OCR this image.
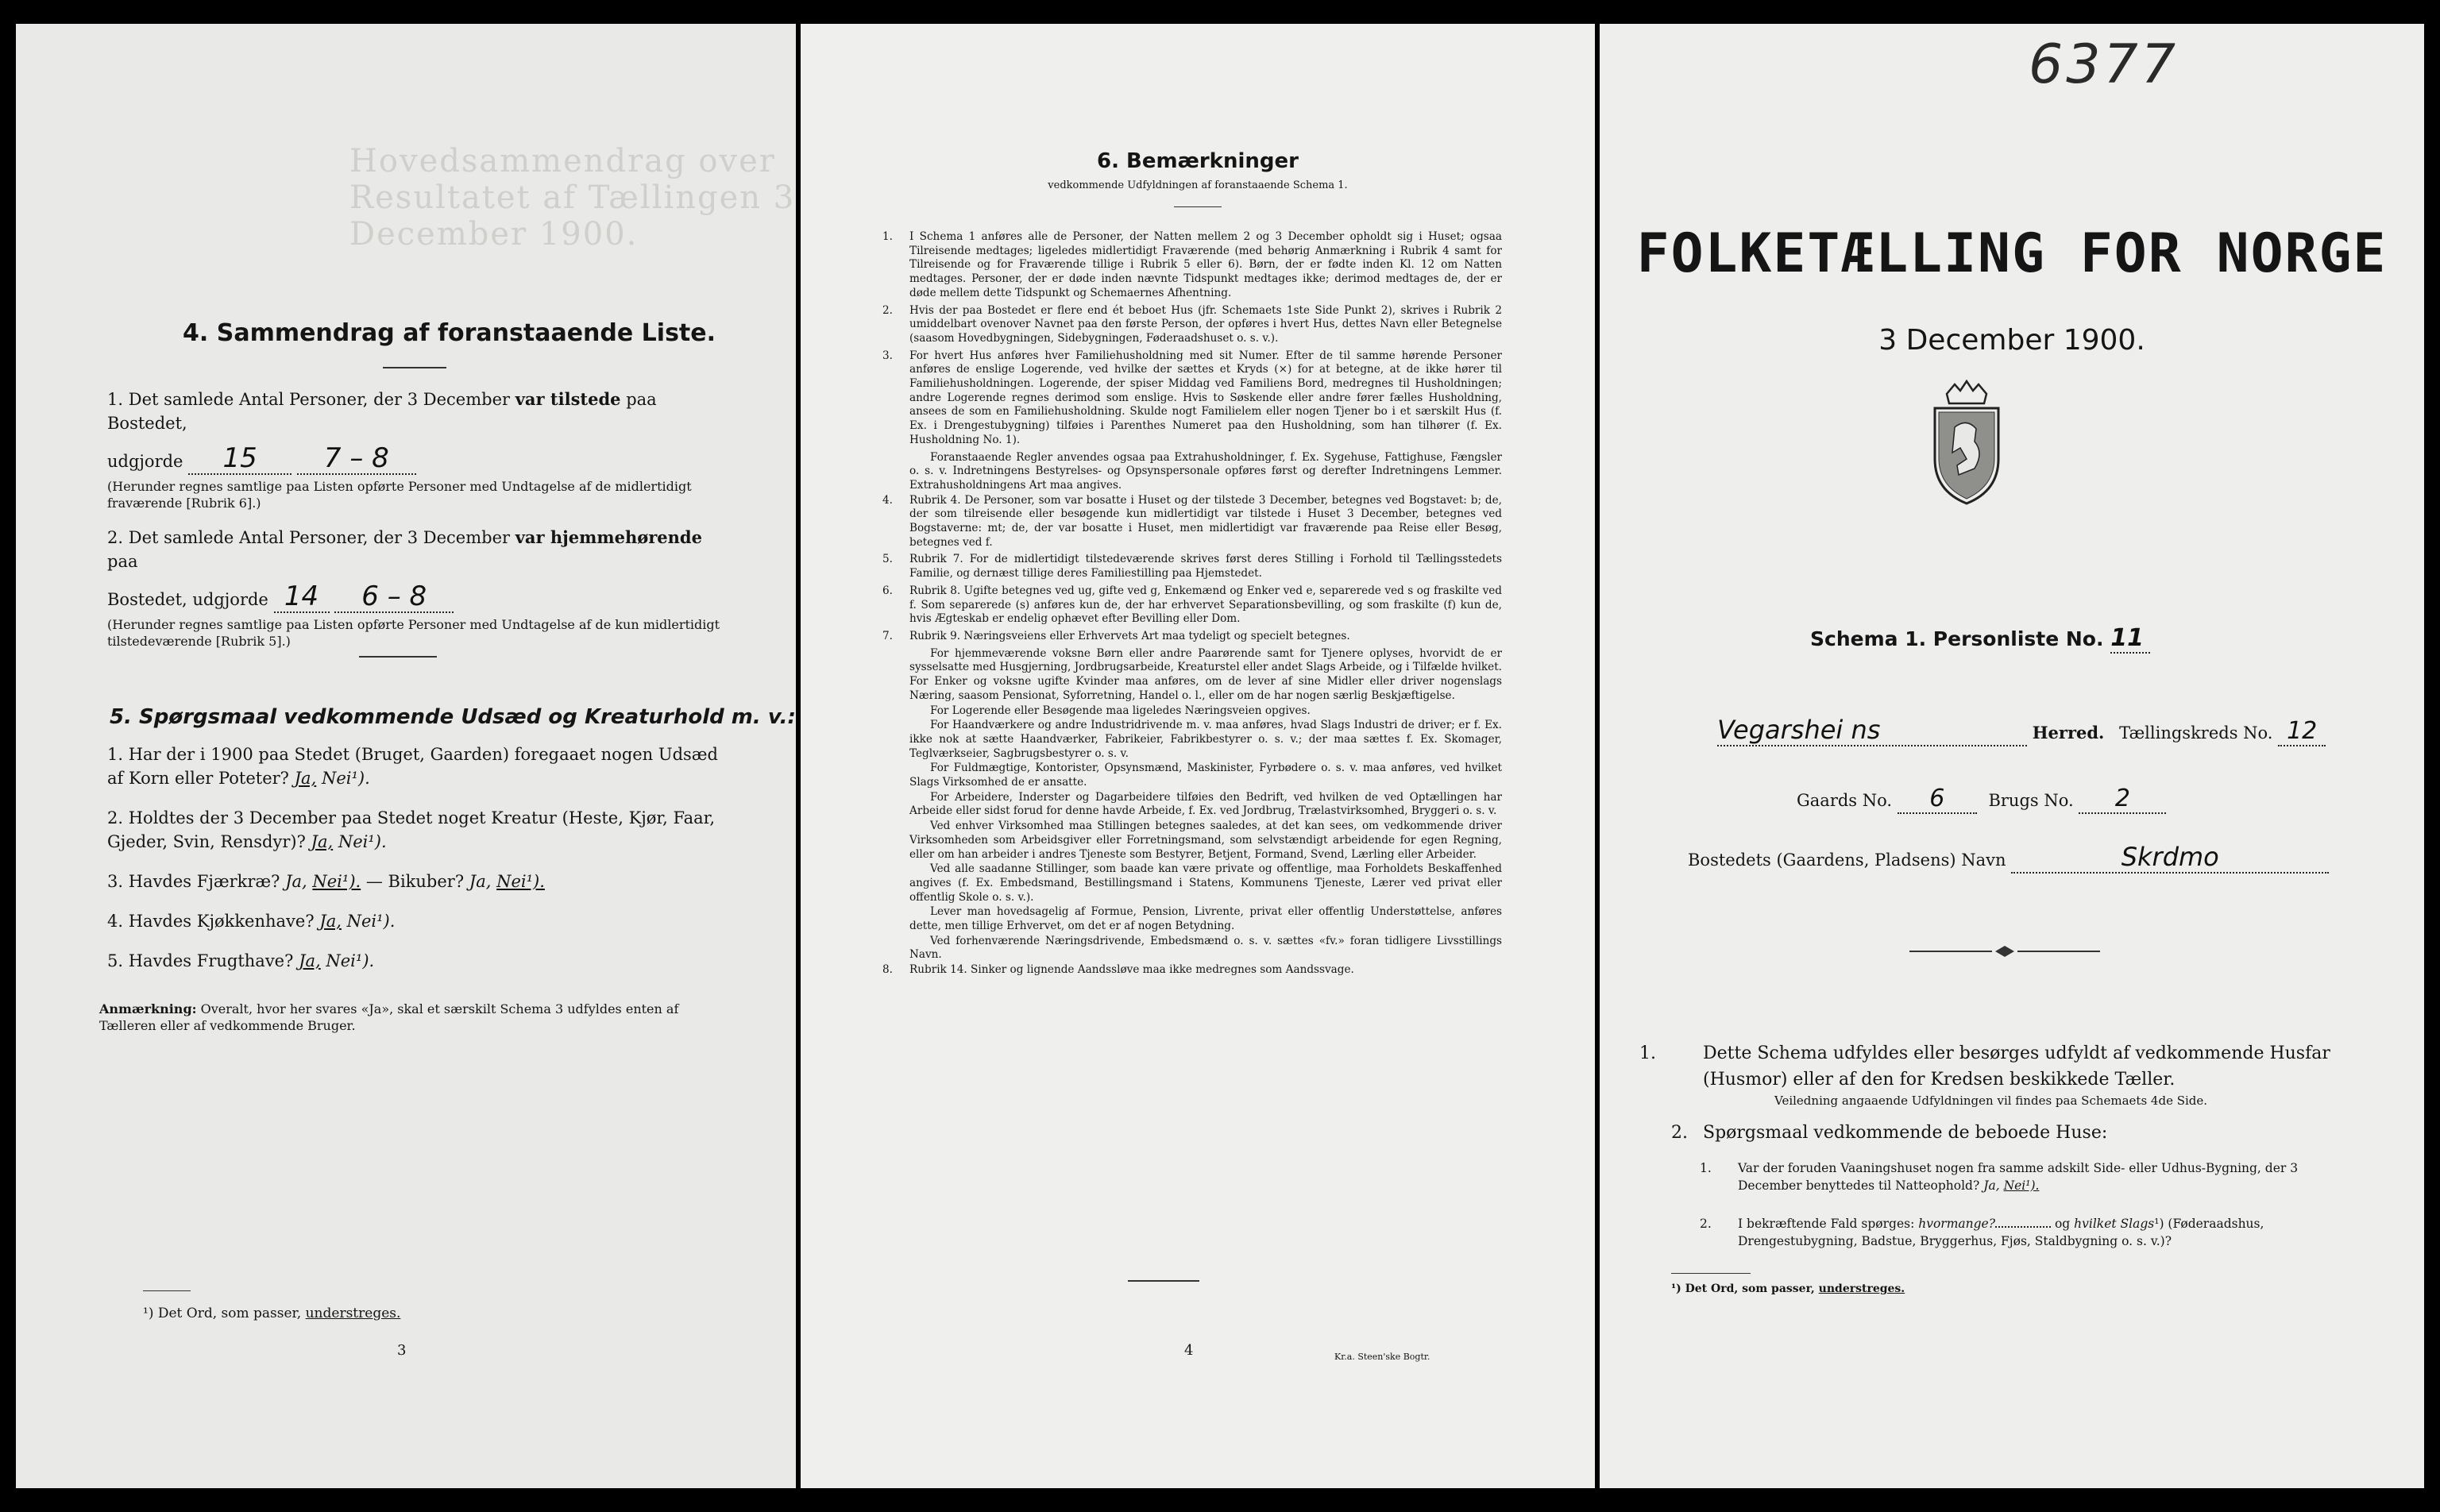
Hovedsammendrag over Resultatet af Tællingen 3 December 1900.
4. Sammendrag af foranstaaende Liste.

1. Det samlede Antal Personer, der 3 December var tilstede paa Bostedet,

udgjorde 15 7 – 8

(Herunder regnes samtlige paa Listen opførte Personer med Undtagelse af de midlertidigt fraværende [Rubrik 6].)

2. Det samlede Antal Personer, der 3 December var hjemmehørende paa

Bostedet, udgjorde 14 6 – 8

(Herunder regnes samtlige paa Listen opførte Personer med Undtagelse af de kun midlertidigt tilstedeværende [Rubrik 5].)

5. Spørgsmaal vedkommende Udsæd og Kreaturhold m. v.:

1. Har der i 1900 paa Stedet (Bruget, Gaarden) foregaaet nogen Udsæd af Korn eller Poteter? Ja, Nei¹).

2. Holdtes der 3 December paa Stedet noget Kreatur (Heste, Kjør, Faar, Gjeder, Svin, Rensdyr)? Ja, Nei¹).

3. Havdes Fjærkræ? Ja, Nei¹). — Bikuber? Ja, Nei¹).

4. Havdes Kjøkkenhave? Ja, Nei¹).

5. Havdes Frugthave? Ja, Nei¹).

Anmærkning: Overalt, hvor her svares «Ja», skal et særskilt Schema 3 udfyldes enten af Tælleren eller af vedkommende Bruger.
¹) Det Ord, som passer, understreges.
3
6. Bemærkninger
vedkommende Udfyldningen af foranstaaende Schema 1.
1. I Schema 1 anføres alle de Personer, der Natten mellem 2 og 3 December opholdt sig i Huset; ogsaa Tilreisende medtages; ligeledes midlertidigt Fraværende (med behørig Anmærkning i Rubrik 4 samt for Tilreisende og for Fraværende tillige i Rubrik 5 eller 6). Børn, der er fødte inden Kl. 12 om Natten medtages. Personer, der er døde inden nævnte Tidspunkt medtages ikke; derimod medtages de, der er døde mellem dette Tidspunkt og Schemaernes Afhentning.
2. Hvis der paa Bostedet er flere end ét beboet Hus (jfr. Schemaets 1ste Side Punkt 2), skrives i Rubrik 2 umiddelbart ovenover Navnet paa den første Person, der opføres i hvert Hus, dettes Navn eller Betegnelse (saasom Hovedbygningen, Sidebygningen, Føderaadshuset o. s. v.).
3. For hvert Hus anføres hver Familiehusholdning med sit Numer. Efter de til samme hørende Personer anføres de enslige Logerende, ved hvilke der sættes et Kryds (×) for at betegne, at de ikke hører til Familiehusholdningen. Logerende, der spiser Middag ved Familiens Bord, medregnes til Husholdningen; andre Logerende regnes derimod som enslige. Hvis to Søskende eller andre fører fælles Husholdning, ansees de som en Familiehusholdning. Skulde nogt Familielem eller nogen Tjener bo i et særskilt Hus (f. Ex. i Drengestubygning) tilføies i Parenthes Numeret paa den Husholdning, som han tilhører (f. Ex. Husholdning No. 1).
Foranstaaende Regler anvendes ogsaa paa Extrahusholdninger, f. Ex. Sygehuse, Fattighuse, Fængsler o. s. v. Indretningens Bestyrelses- og Opsynspersonale opføres først og derefter Indretningens Lemmer. Extrahusholdningens Art maa angives.
4. Rubrik 4. De Personer, som var bosatte i Huset og der tilstede 3 December, betegnes ved Bogstavet: b; de, der som tilreisende eller besøgende kun midlertidigt var tilstede i Huset 3 December, betegnes ved Bogstaverne: mt; de, der var bosatte i Huset, men midlertidigt var fraværende paa Reise eller Besøg, betegnes ved f.
5. Rubrik 7. For de midlertidigt tilstedeværende skrives først deres Stilling i Forhold til Tællingsstedets Familie, og dernæst tillige deres Familiestilling paa Hjemstedet.
6. Rubrik 8. Ugifte betegnes ved ug, gifte ved g, Enkemænd og Enker ved e, separerede ved s og fraskilte ved f. Som separerede (s) anføres kun de, der har erhvervet Separationsbevilling, og som fraskilte (f) kun de, hvis Ægteskab er endelig ophævet efter Bevilling eller Dom.
7. Rubrik 9. Næringsveiens eller Erhvervets Art maa tydeligt og specielt betegnes.
For hjemmeværende voksne Børn eller andre Paarørende samt for Tjenere oplyses, hvorvidt de er sysselsatte med Husgjerning, Jordbrugsarbeide, Kreaturstel eller andet Slags Arbeide, og i Tilfælde hvilket. For Enker og voksne ugifte Kvinder maa anføres, om de lever af sine Midler eller driver nogenslags Næring, saasom Pensionat, Syforretning, Handel o. l., eller om de har nogen særlig Beskjæftigelse.
For Logerende eller Besøgende maa ligeledes Næringsveien opgives.
For Haandværkere og andre Industridrivende m. v. maa anføres, hvad Slags Industri de driver; er f. Ex. ikke nok at sætte Haandværker, Fabrikeier, Fabrikbestyrer o. s. v.; der maa sættes f. Ex. Skomager, Teglværkseier, Sagbrugsbestyrer o. s. v.
For Fuldmægtige, Kontorister, Opsynsmænd, Maskinister, Fyrbødere o. s. v. maa anføres, ved hvilket Slags Virksomhed de er ansatte.
For Arbeidere, Inderster og Dagarbeidere tilføies den Bedrift, ved hvilken de ved Optællingen har Arbeide eller sidst forud for denne havde Arbeide, f. Ex. ved Jordbrug, Trælastvirksomhed, Bryggeri o. s. v.
Ved enhver Virksomhed maa Stillingen betegnes saaledes, at det kan sees, om vedkommende driver Virksomheden som Arbeidsgiver eller Forretningsmand, som selvstændigt arbeidende for egen Regning, eller om han arbeider i andres Tjeneste som Bestyrer, Betjent, Formand, Svend, Lærling eller Arbeider.
Ved alle saadanne Stillinger, som baade kan være private og offentlige, maa Forholdets Beskaffenhed angives (f. Ex. Embedsmand, Bestillingsmand i Statens, Kommunens Tjeneste, Lærer ved privat eller offentlig Skole o. s. v.).
Lever man hovedsagelig af Formue, Pension, Livrente, privat eller offentlig Understøttelse, anføres dette, men tillige Erhvervet, om det er af nogen Betydning.
Ved forhenværende Næringsdrivende, Embedsmænd o. s. v. sættes «fv.» foran tidligere Livsstillings Navn.
8. Rubrik 14. Sinker og lignende Aandssløve maa ikke medregnes som Aandssvage.
4	Kr.a. Steen'ske Bogtr.
6377
FOLKETÆLLING FOR NORGE
3 December 1900.
Schema 1. Personliste No. 11
Vegarshei ns	Herred. Tællingskreds No. 12
Gaards No. 6	Brugs No. 2
Bostedets (Gaardens, Pladsens) Navn	Skrdmo

1.	Dette Schema udfyldes eller besørges udfyldt af vedkommende Husfar (Husmor) eller af den for Kredsen beskikkede Tæller.

Veiledning angaaende Udfyldningen vil findes paa Schemaets 4de Side.

2. Spørgsmaal vedkommende de beboede Huse:

1. Var der foruden Vaaningshuset nogen fra samme adskilt Side- eller Udhus-Bygning, der 3 December benyttedes til Natteophold? Ja, Nei¹).

2. I bekræftende Fald spørges: hvormange?	og hvilket Slags¹) (Føderaadshus, Drengestubygning, Badstue, Bryggerhus, Fjøs, Staldbygning o. s. v.)?

¹) Det Ord, som passer, understreges.
